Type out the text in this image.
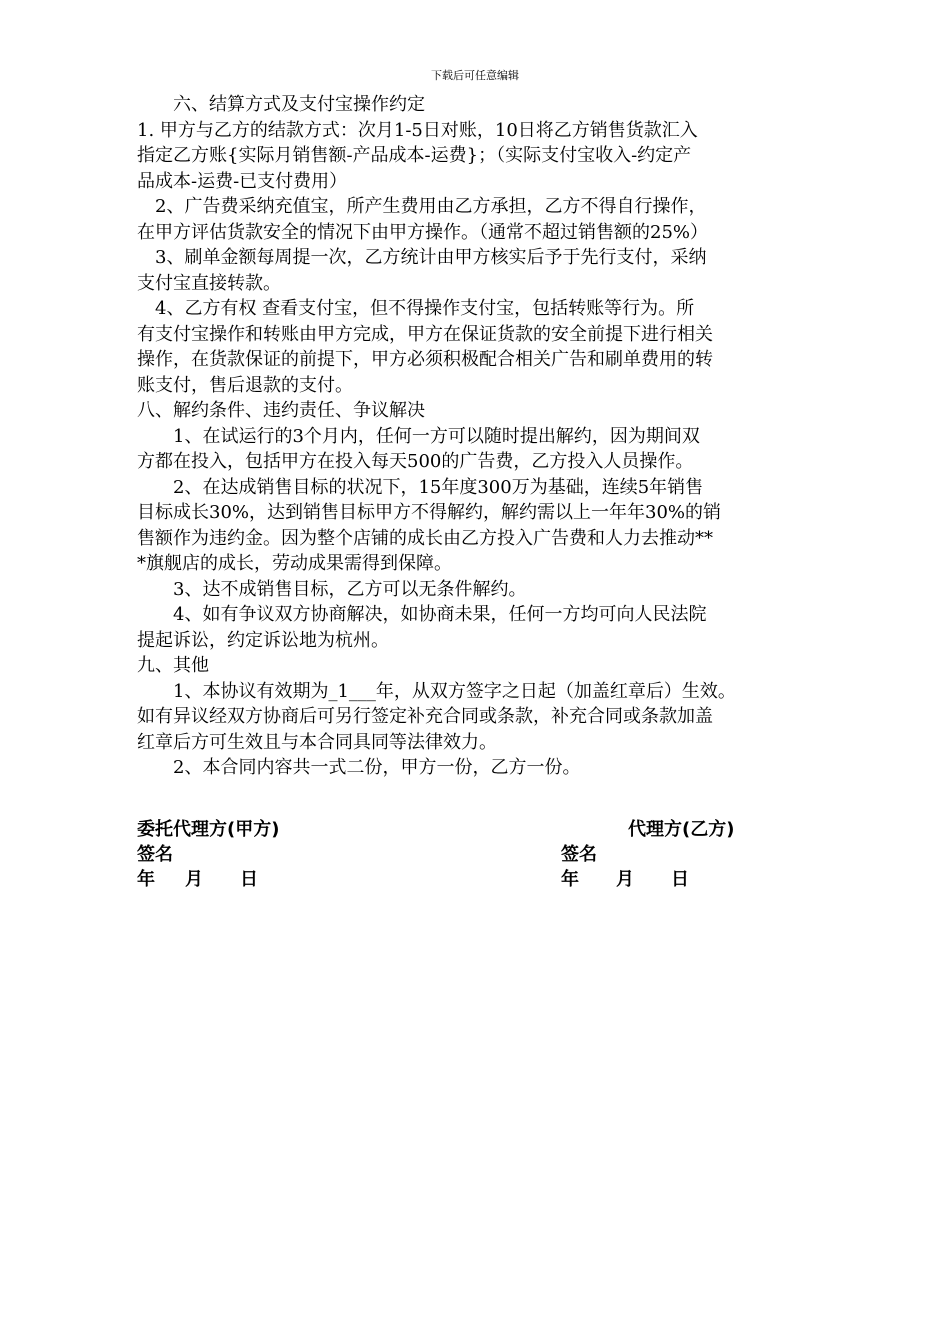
下载后可任意编辑
　　六、结算方式及支付宝操作约定
1. 甲方与乙方的结款方式：次月1-5日对账，10日将乙方销售货款汇入
指定乙方账{实际月销售额-产品成本-运费}；（实际支付宝收入-约定产
品成本-运费-已支付费用）
　2、广告费采纳充值宝，所产生费用由乙方承担，乙方不得自行操作，
在甲方评估货款安全的情况下由甲方操作。（通常不超过销售额的25%）
　3、刷单金额每周提一次，乙方统计由甲方核实后予于先行支付，采纳
支付宝直接转款。
　4、乙方有权 查看支付宝，但不得操作支付宝，包括转账等行为。所
有支付宝操作和转账由甲方完成，甲方在保证货款的安全前提下进行相关
操作，在货款保证的前提下，甲方必须积极配合相关广告和刷单费用的转
账支付，售后退款的支付。
八、解约条件、违约责任、争议解决
　　1、在试运行的3个月内，任何一方可以随时提出解约，因为期间双
方都在投入，包括甲方在投入每天500的广告费，乙方投入人员操作。
　　2、在达成销售目标的状况下，15年度300万为基础，连续5年销售
目标成长30%，达到销售目标甲方不得解约，解约需以上一年年30%的销
售额作为违约金。因为整个店铺的成长由乙方投入广告费和人力去推动**
*旗舰店的成长，劳动成果需得到保障。
　　3、达不成销售目标，乙方可以无条件解约。
　　4、如有争议双方协商解决，如协商未果，任何一方均可向人民法院
提起诉讼，约定诉讼地为杭州。
九、其他
　　1、本协议有效期为_1___年，从双方签字之日起（加盖红章后）生效。
如有异议经双方协商后可另行签定补充合同或条款，补充合同或条款加盖
红章后方可生效且与本合同具同等法律效力。
　　2、本合同内容共一式二份，甲方一份，乙方一份。
委托代理方(甲方)	代理方(乙方)
签名	签名
年 月 日	年 月 日
